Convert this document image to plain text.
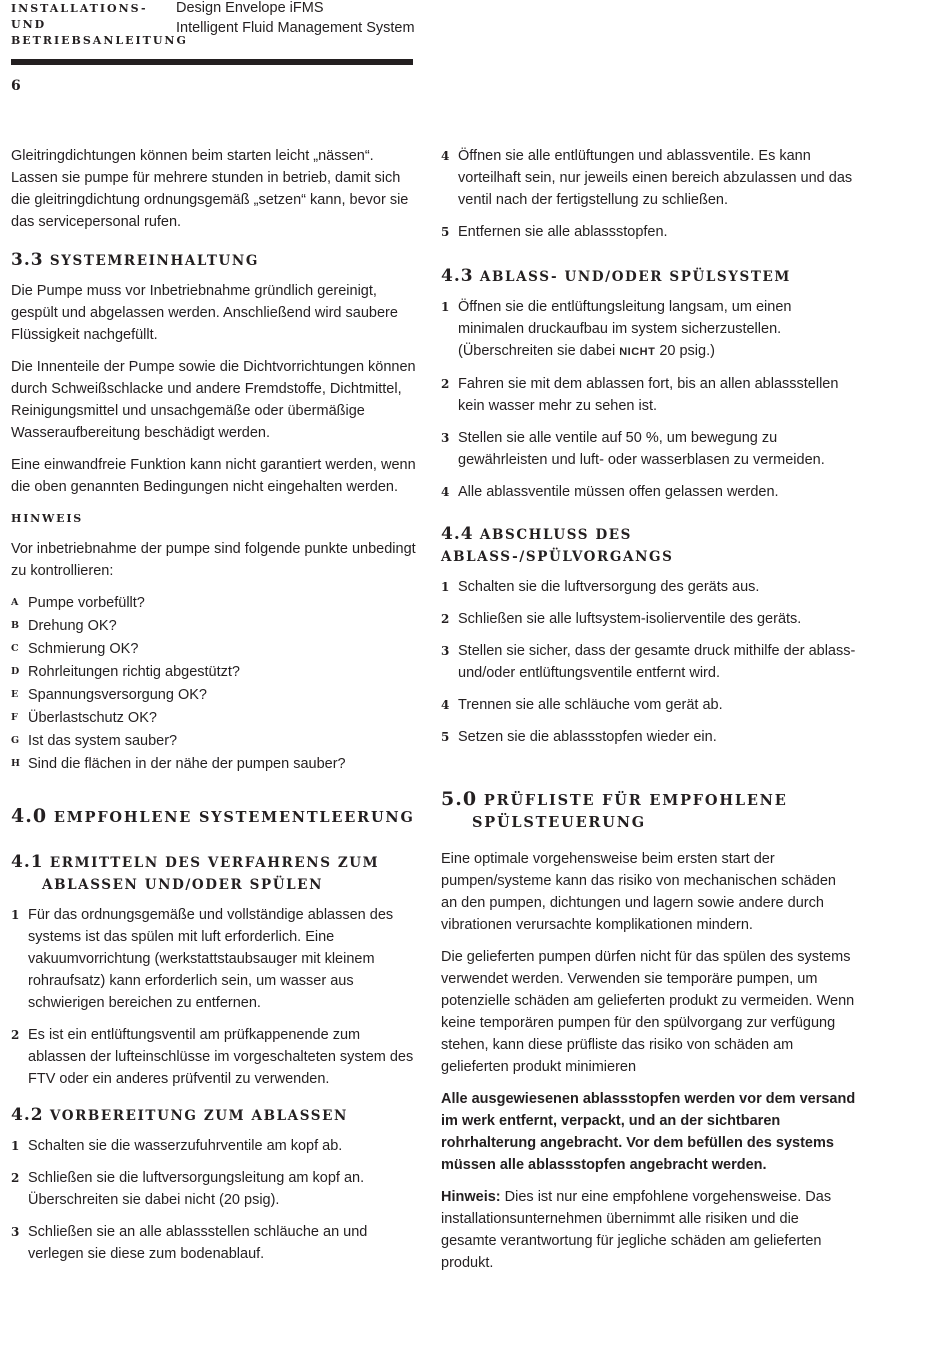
INSTALLATIONS- UND
BETRIEBSANLEITUNG
Design Envelope iFMS
Intelligent Fluid Management System
6

Gleitringdichtungen können beim starten leicht „nässen“. Lassen sie pumpe für mehrere stunden in betrieb, damit sich die gleitringdichtung ordnungsgemäß „setzen“ kann, bevor sie das servicepersonal rufen.

3.3 SYSTEMREINHALTUNG

Die Pumpe muss vor Inbetriebnahme gründlich gereinigt, gespült und abgelassen werden. Anschließend wird saubere Flüssigkeit nachgefüllt.

Die Innenteile der Pumpe sowie die Dichtvorrichtungen können durch Schweißschlacke und andere Fremdstoffe, Dichtmittel, Reinigungsmittel und unsachgemäße oder übermäßige Wasseraufbereitung beschädigt werden.

Eine einwandfreie Funktion kann nicht garantiert werden, wenn die oben genannten Bedingungen nicht eingehalten werden.

HINWEIS

Vor inbetriebnahme der pumpe sind folgende punkte unbedingt zu kontrollieren:

A Pumpe vorbefüllt?
B Drehung OK?
C Schmierung OK?
D Rohrleitungen richtig abgestützt?
E Spannungsversorgung OK?
F Überlastschutz OK?
G Ist das system sauber?
H Sind die flächen in der nähe der pumpen sauber?
4.0 EMPFOHLENE SYSTEMENTLEERUNG
4.1 ERMITTELN DES VERFAHRENS ZUM ABLASSEN UND/ODER SPÜLEN
1 Für das ordnungsgemäße und vollständige ablassen des systems ist das spülen mit luft erforderlich. Eine vakuumvorrichtung (werkstattstaubsauger mit kleinem rohraufsatz) kann erforderlich sein, um wasser aus schwierigen bereichen zu entfernen.
2 Es ist ein entlüftungsventil am prüfkappenende zum ablassen der lufteinschlüsse im vorgeschalteten system des FTV oder ein anderes prüfventil zu verwenden.
4.2 VORBEREITUNG ZUM ABLASSEN
1 Schalten sie die wasserzufuhrventile am kopf ab.
2 Schließen sie die luftversorgungsleitung am kopf an. Überschreiten sie dabei nicht (20 psig).
3 Schließen sie an alle ablassstellen schläuche an und verlegen sie diese zum bodenablauf.
4 Öffnen sie alle entlüftungen und ablassventile. Es kann vorteilhaft sein, nur jeweils einen bereich abzulassen und das ventil nach der fertigstellung zu schließen.
5 Entfernen sie alle ablassstopfen.
4.3 ABLASS- UND/ODER SPÜLSYSTEM
1 Öffnen sie die entlüftungsleitung langsam, um einen minimalen druckaufbau im system sicherzustellen. (Überschreiten sie dabei NICHT 20 psig.)
2 Fahren sie mit dem ablassen fort, bis an allen ablassstellen kein wasser mehr zu sehen ist.
3 Stellen sie alle ventile auf 50 %, um bewegung zu gewährleisten und luft- oder wasserblasen zu vermeiden.
4 Alle ablassventile müssen offen gelassen werden.
4.4 ABSCHLUSS DES ABLASS-/SPÜLVORGANGS
1 Schalten sie die luftversorgung des geräts aus.
2 Schließen sie alle luftsystem-isolierventile des geräts.
3 Stellen sie sicher, dass der gesamte druck mithilfe der ablass- und/oder entlüftungsventile entfernt wird.
4 Trennen sie alle schläuche vom gerät ab.
5 Setzen sie die ablassstopfen wieder ein.
5.0 PRÜFLISTE FÜR EMPFOHLENE SPÜLSTEUERUNG

Eine optimale vorgehensweise beim ersten start der pumpen/systeme kann das risiko von mechanischen schäden an den pumpen, dichtungen und lagern sowie andere durch vibrationen verursachte komplikationen mindern.

Die gelieferten pumpen dürfen nicht für das spülen des systems verwendet werden. Verwenden sie temporäre pumpen, um potenzielle schäden am gelieferten produkt zu vermeiden. Wenn keine temporären pumpen für den spülvorgang zur verfügung stehen, kann diese prüfliste das risiko von schäden am gelieferten produkt minimieren

Alle ausgewiesenen ablassstopfen werden vor dem versand im werk entfernt, verpackt, und an der sichtbaren rohrhalterung angebracht. Vor dem befüllen des systems müssen alle ablassstopfen angebracht werden.

Hinweis: Dies ist nur eine empfohlene vorgehensweise. Das installationsunternehmen übernimmt alle risiken und die gesamte verantwortung für jegliche schäden am gelieferten produkt.
